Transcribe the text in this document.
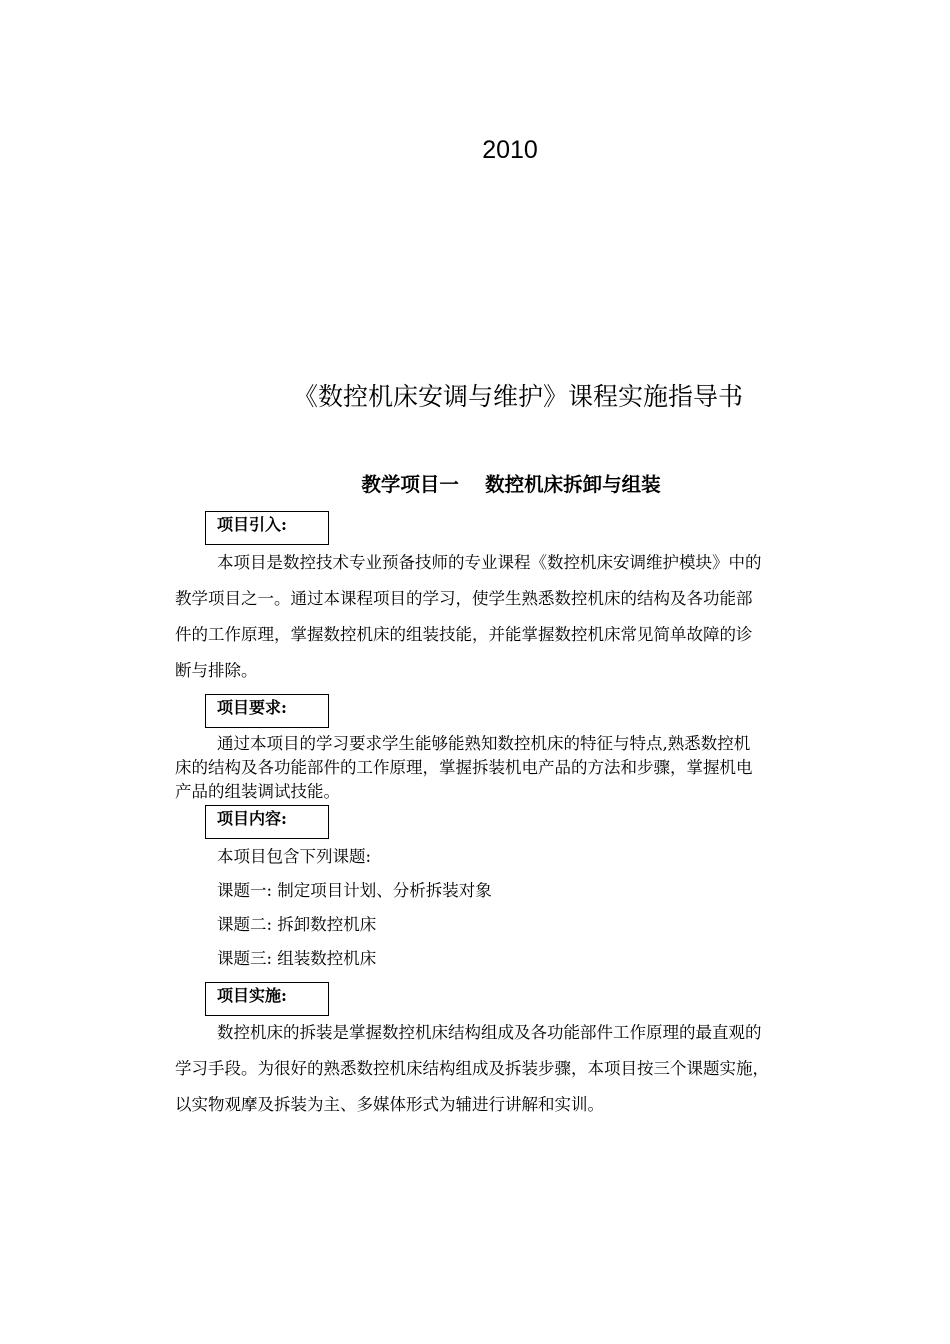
2010
《数控机床安调与维护》课程实施指导书
教学项目一　 数控机床拆卸与组装
项目引入:
本项目是数控技术专业预备技师的专业课程《数控机床安调维护模块》中的
教学项目之一。通过本课程项目的学习，使学生熟悉数控机床的结构及各功能部
件的工作原理，掌握数控机床的组装技能，并能掌握数控机床常见简单故障的诊
断与排除。
项目要求:
通过本项目的学习要求学生能够能熟知数控机床的特征与特点,熟悉数控机
床的结构及各功能部件的工作原理，掌握拆装机电产品的方法和步骤，掌握机电
产品的组装调试技能。
项目内容:

本项目包含下列课题:

课题一: 制定项目计划、分析拆装对象

课题二: 拆卸数控机床

课题三: 组装数控机床

项目实施:
数控机床的拆装是掌握数控机床结构组成及各功能部件工作原理的最直观的
学习手段。为很好的熟悉数控机床结构组成及拆装步骤，本项目按三个课题实施，
以实物观摩及拆装为主、多媒体形式为辅进行讲解和实训。
